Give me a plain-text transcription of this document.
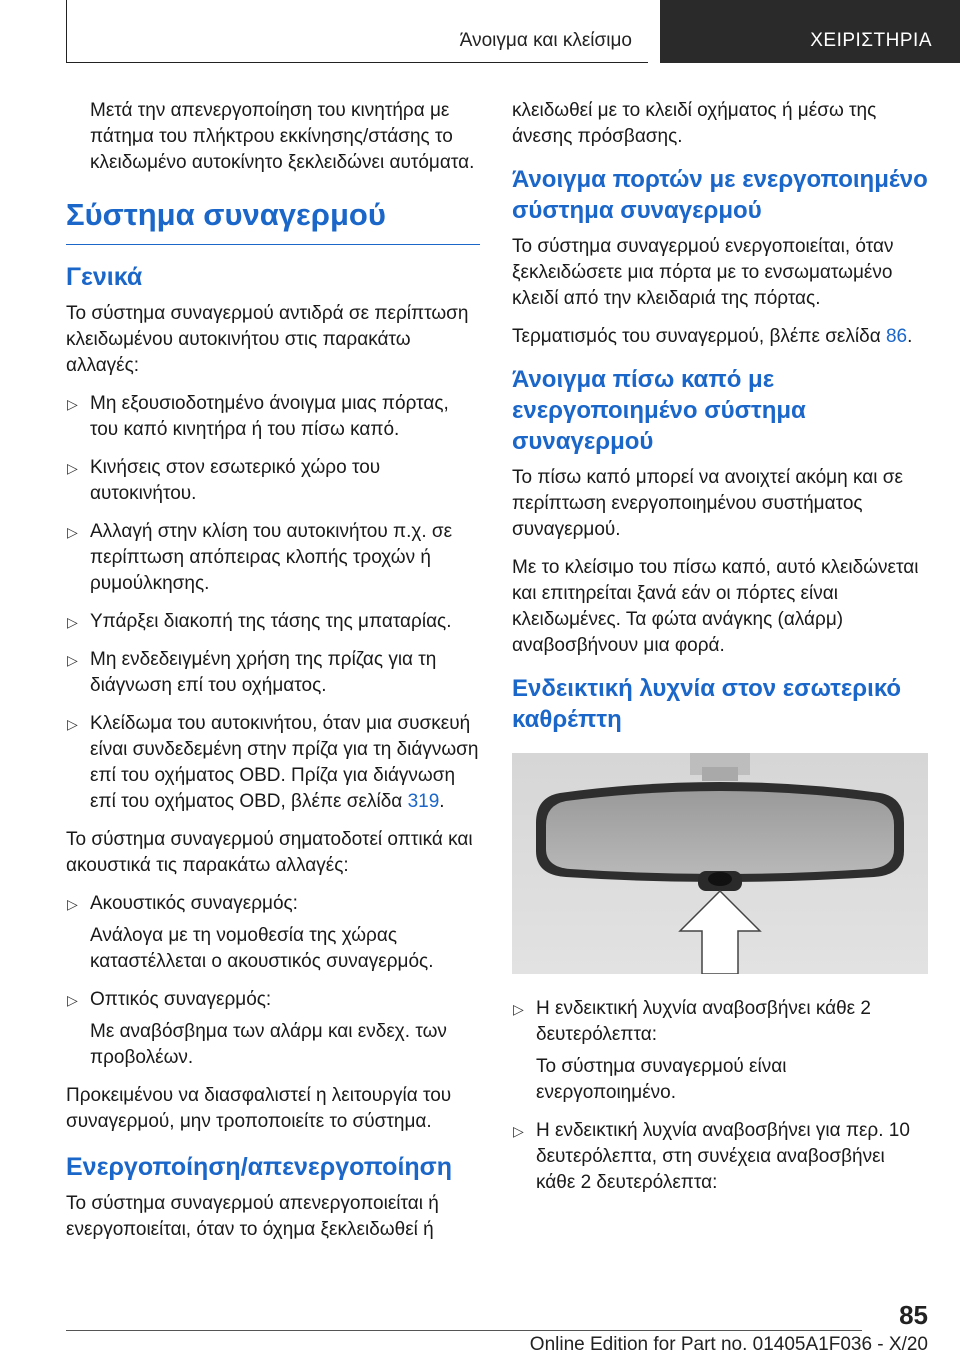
Άνοιγμα και κλείσιμο	ΧΕΙΡΙΣΤΗΡΙΑ

Μετά την απενεργοποίηση του κινητήρα με πάτημα του πλήκτρου εκκίνησης/στάσης το κλειδωμένο αυτοκίνητο ξεκλειδώνει αυτόματα.

Σύστημα συναγερμού
Γενικά

Το σύστημα συναγερμού αντιδρά σε περίπτωση κλειδωμένου αυτοκινήτου στις παρακάτω αλλαγές:

▷ Μη εξουσιοδοτημένο άνοιγμα μιας πόρτας, του καπό κινητήρα ή του πίσω καπό.
▷ Κινήσεις στον εσωτερικό χώρο του αυτοκινήτου.
▷ Αλλαγή στην κλίση του αυτοκινήτου π.χ. σε περίπτωση απόπειρας κλοπής τροχών ή ρυμούλκησης.
▷ Υπάρξει διακοπή της τάσης της μπαταρίας.
▷ Μη ενδεδειγμένη χρήση της πρίζας για τη διάγνωση επί του οχήματος.
▷ Κλείδωμα του αυτοκινήτου, όταν μια συσκευή είναι συνδεδεμένη στην πρίζα για τη διάγνωση επί του οχήματος OBD. Πρίζα για διάγνωση επί του οχήματος OBD, βλέπε σελίδα 319.

Το σύστημα συναγερμού σηματοδοτεί οπτικά και ακουστικά τις παρακάτω αλλαγές:

▷ Ακουστικός συναγερμός:
Ανάλογα με τη νομοθεσία της χώρας καταστέλλεται ο ακουστικός συναγερμός.
▷ Οπτικός συναγερμός:
Με αναβόσβημα των αλάρμ και ενδεχ. των προβολέων.

Προκειμένου να διασφαλιστεί η λειτουργία του συναγερμού, μην τροποποιείτε το σύστημα.

Ενεργοποίηση/απενεργοποίηση

Το σύστημα συναγερμού απενεργοποιείται ή ενεργοποιείται, όταν το όχημα ξεκλειδωθεί ή

κλειδωθεί με το κλειδί οχήματος ή μέσω της άνεσης πρόσβασης.

Άνοιγμα πορτών με ενεργοποιημένο σύστημα συναγερμού

Το σύστημα συναγερμού ενεργοποιείται, όταν ξεκλειδώσετε μια πόρτα με το ενσωματωμένο κλειδί από την κλειδαριά της πόρτας.

Τερματισμός του συναγερμού, βλέπε σελίδα 86.

Άνοιγμα πίσω καπό με ενεργοποιημένο σύστημα συναγερμού

Το πίσω καπό μπορεί να ανοιχτεί ακόμη και σε περίπτωση ενεργοποιημένου συστήματος συναγερμού.

Με το κλείσιμο του πίσω καπό, αυτό κλειδώνεται και επιτηρείται ξανά εάν οι πόρτες είναι κλειδωμένες. Τα φώτα ανάγκης (αλάρμ) αναβοσβήνουν μια φορά.

Ενδεικτική λυχνία στον εσωτερικό καθρέπτη
▷ Η ενδεικτική λυχνία αναβοσβήνει κάθε 2 δευτερόλεπτα:
Το σύστημα συναγερμού είναι ενεργοποιημένο.
▷ Η ενδεικτική λυχνία αναβοσβήνει για περ. 10 δευτερόλεπτα, στη συνέχεια αναβοσβήνει κάθε 2 δευτερόλεπτα:
85
Online Edition for Part no. 01405A1F036 - X/20
